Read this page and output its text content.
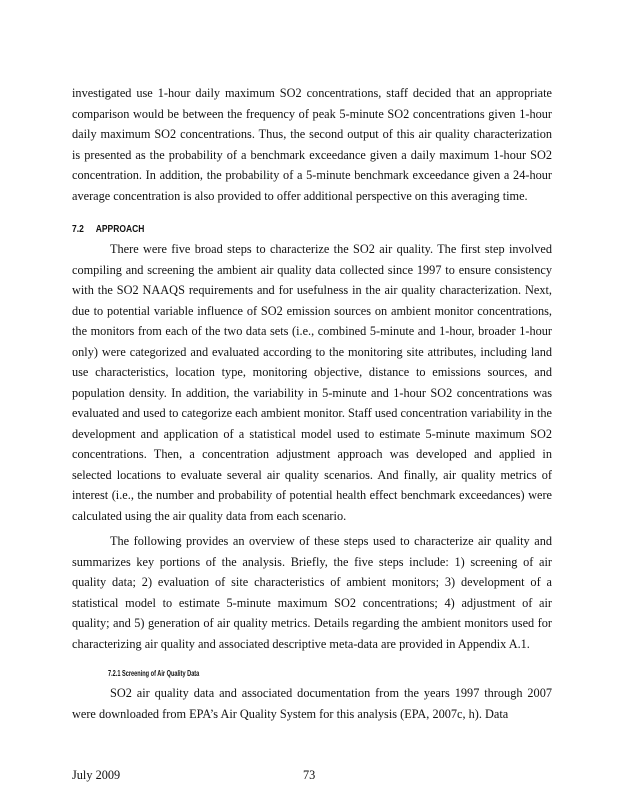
investigated use 1-hour daily maximum SO2 concentrations, staff decided that an appropriate comparison would be between the frequency of peak 5-minute SO2 concentrations given 1-hour daily maximum SO2 concentrations. Thus, the second output of this air quality characterization is presented as the probability of a benchmark exceedance given a daily maximum 1-hour SO2 concentration. In addition, the probability of a 5-minute benchmark exceedance given a 24-hour average concentration is also provided to offer additional perspective on this averaging time.

7.2 APPROACH

There were five broad steps to characterize the SO2 air quality. The first step involved compiling and screening the ambient air quality data collected since 1997 to ensure consistency with the SO2 NAAQS requirements and for usefulness in the air quality characterization. Next, due to potential variable influence of SO2 emission sources on ambient monitor concentrations, the monitors from each of the two data sets (i.e., combined 5-minute and 1-hour, broader 1-hour only) were categorized and evaluated according to the monitoring site attributes, including land use characteristics, location type, monitoring objective, distance to emissions sources, and population density. In addition, the variability in 5-minute and 1-hour SO2 concentrations was evaluated and used to categorize each ambient monitor. Staff used concentration variability in the development and application of a statistical model used to estimate 5-minute maximum SO2 concentrations. Then, a concentration adjustment approach was developed and applied in selected locations to evaluate several air quality scenarios. And finally, air quality metrics of interest (i.e., the number and probability of potential health effect benchmark exceedances) were calculated using the air quality data from each scenario.

The following provides an overview of these steps used to characterize air quality and summarizes key portions of the analysis. Briefly, the five steps include: 1) screening of air quality data; 2) evaluation of site characteristics of ambient monitors; 3) development of a statistical model to estimate 5-minute maximum SO2 concentrations; 4) adjustment of air quality; and 5) generation of air quality metrics. Details regarding the ambient monitors used for characterizing air quality and associated descriptive meta-data are provided in Appendix A.1.

7.2.1 Screening of Air Quality Data

SO2 air quality data and associated documentation from the years 1997 through 2007 were downloaded from EPA’s Air Quality System for this analysis (EPA, 2007c, h). Data

July 2009	73
